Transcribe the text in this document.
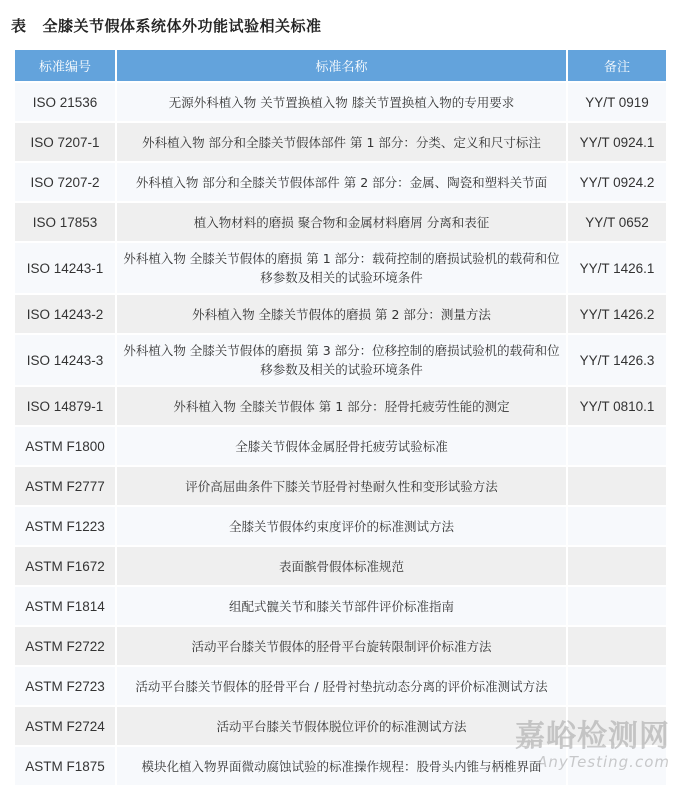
表 全膝关节假体系统体外功能试验相关标准
标准编号	标准名称	备注
ISO 21536	无源外科植入物 关节置换植入物 膝关节置换植入物的专用要求	YY/T 0919
ISO 7207-1	外科植入物 部分和全膝关节假体部件 第 1 部分：分类、定义和尺寸标注	YY/T 0924.1
ISO 7207-2	外科植入物 部分和全膝关节假体部件 第 2 部分：金属、陶瓷和塑料关节面	YY/T 0924.2
ISO 17853	植入物材料的磨损 聚合物和金属材料磨屑 分离和表征	YY/T 0652
ISO 14243-1	外科植入物 全膝关节假体的磨损 第 1 部分：载荷控制的磨损试验机的载荷和位移参数及相关的试验环境条件	YY/T 1426.1
ISO 14243-2	外科植入物 全膝关节假体的磨损 第 2 部分：测量方法	YY/T 1426.2
ISO 14243-3	外科植入物 全膝关节假体的磨损 第 3 部分：位移控制的磨损试验机的载荷和位移参数及相关的试验环境条件	YY/T 1426.3
ISO 14879-1	外科植入物 全膝关节假体 第 1 部分：胫骨托疲劳性能的测定	YY/T 0810.1
ASTM F1800	全膝关节假体金属胫骨托疲劳试验标准	
ASTM F2777	评价高屈曲条件下膝关节胫骨衬垫耐久性和变形试验方法	
ASTM F1223	全膝关节假体约束度评价的标准测试方法	
ASTM F1672	表面髌骨假体标准规范	
ASTM F1814	组配式髋关节和膝关节部件评价标准指南	
ASTM F2722	活动平台膝关节假体的胫骨平台旋转限制评价标准方法	
ASTM F2723	活动平台膝关节假体的胫骨平台 / 胫骨衬垫抗动态分离的评价标准测试方法	
ASTM F2724	活动平台膝关节假体脱位评价的标准测试方法	
ASTM F1875	模块化植入物界面微动腐蚀试验的标准操作规程：股骨头内锥与柄椎界面	
嘉峪检测网
AnyTesting.com
